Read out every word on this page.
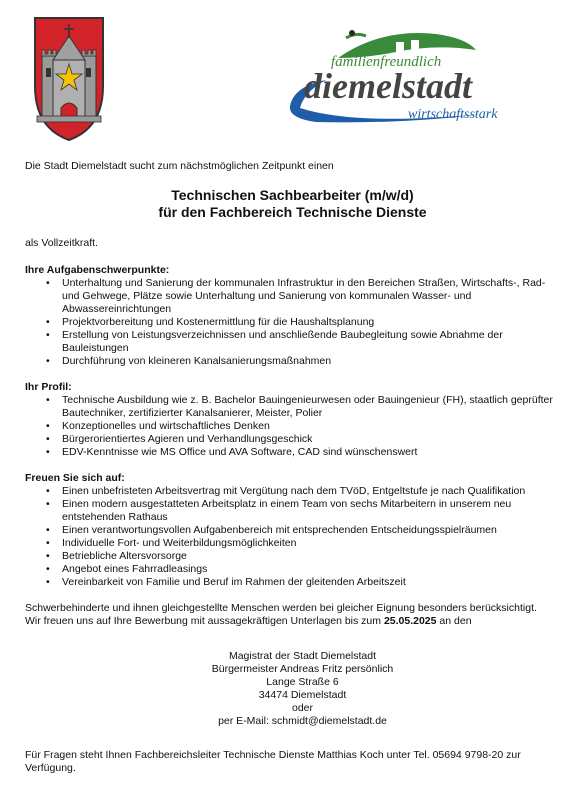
familienfreundlich
diemelstadt
wirtschaftsstark

Die Stadt Diemelstadt sucht zum nächstmöglichen Zeitpunkt einen

Technischen Sachbearbeiter (m/w/d)
für den Fachbereich Technische Dienste

als Vollzeitkraft.

Ihre Aufgabenschwerpunkte:

• Unterhaltung und Sanierung der kommunalen Infrastruktur in den Bereichen Straßen, Wirtschafts-, Rad- und Gehwege, Plätze sowie Unterhaltung und Sanierung von kommunalen Wasser- und Abwassereinrichtungen
• Projektvorbereitung und Kostenermittlung für die Haushaltsplanung
• Erstellung von Leistungsverzeichnissen und anschließende Baubegleitung sowie Abnahme der Bauleistungen
• Durchführung von kleineren Kanalsanierungsmaßnahmen

Ihr Profil:

• Technische Ausbildung wie z. B. Bachelor Bauingenieurwesen oder Bauingenieur (FH), staatlich geprüfter Bautechniker, zertifizierter Kanalsanierer, Meister, Polier
• Konzeptionelles und wirtschaftliches Denken
• Bürgerorientiertes Agieren und Verhandlungsgeschick
• EDV-Kenntnisse wie MS Office und AVA Software, CAD sind wünschenswert

Freuen Sie sich auf:

• Einen unbefristeten Arbeitsvertrag mit Vergütung nach dem TVöD, Entgeltstufe je nach Qualifikation
• Einen modern ausgestatteten Arbeitsplatz in einem Team von sechs Mitarbeitern in unserem neu entstehenden Rathaus
• Einen verantwortungsvollen Aufgabenbereich mit entsprechenden Entscheidungsspielräumen
• Individuelle Fort- und Weiterbildungsmöglichkeiten
• Betriebliche Altersvorsorge
• Angebot eines Fahrradleasings
• Vereinbarkeit von Familie und Beruf im Rahmen der gleitenden Arbeitszeit

Schwerbehinderte und ihnen gleichgestellte Menschen werden bei gleicher Eignung besonders berücksichtigt.

Wir freuen uns auf Ihre Bewerbung mit aussagekräftigen Unterlagen bis zum 25.05.2025 an den

Magistrat der Stadt Diemelstadt
Bürgermeister Andreas Fritz persönlich
Lange Straße 6
34474 Diemelstadt
oder
per E-Mail: schmidt@diemelstadt.de

Für Fragen steht Ihnen Fachbereichsleiter Technische Dienste Matthias Koch unter Tel. 05694 9798-20 zur Verfügung.
